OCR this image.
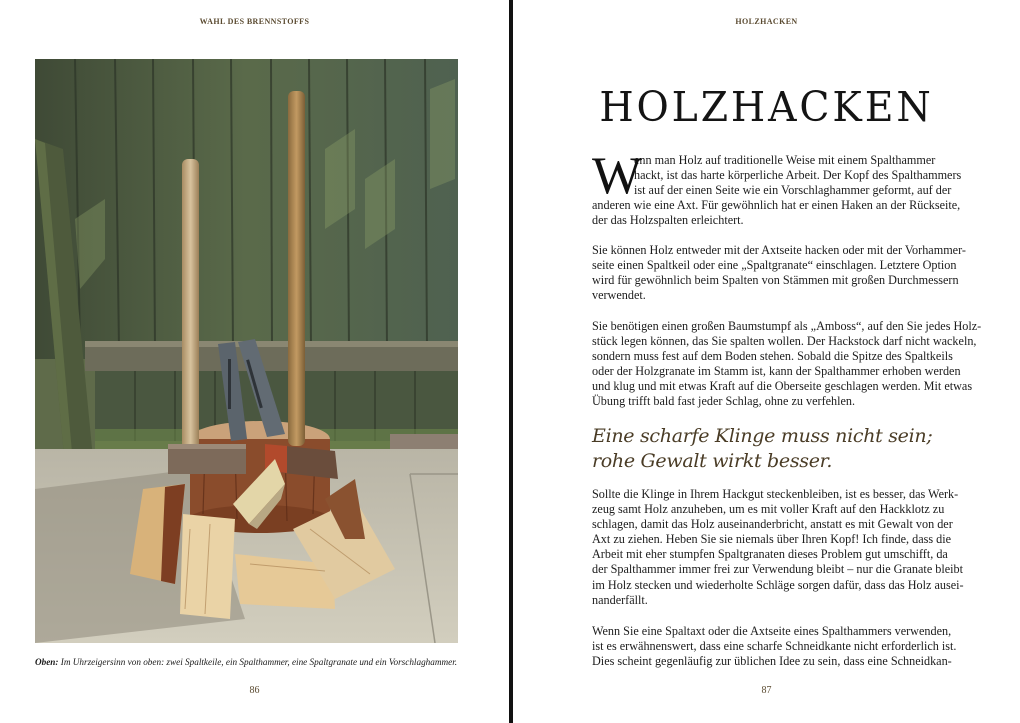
WAHL DES BRENNSTOFFS
Oben: Im Uhrzeigersinn von oben: zwei Spaltkeile, ein Spalthammer, eine Spaltgranate und ein Vorschlaghammer.
86
HOLZHACKEN
HOLZHACKEN
W
enn man Holz auf traditionelle Weise mit einem Spalthammer
hackt, ist das harte körperliche Arbeit. Der Kopf des Spalthammers
ist auf der einen Seite wie ein Vorschlaghammer geformt, auf der
anderen wie eine Axt. Für gewöhnlich hat er einen Haken an der Rückseite,
der das Holzspalten erleichtert.
Sie können Holz entweder mit der Axtseite hacken oder mit der Vorhammer-
seite einen Spaltkeil oder eine „Spaltgranate“ einschlagen. Letztere Option
wird für gewöhnlich beim Spalten von Stämmen mit großen Durchmessern
verwendet.
Sie benötigen einen großen Baumstumpf als „Amboss“, auf den Sie jedes Holz-
stück legen können, das Sie spalten wollen. Der Hackstock darf nicht wackeln,
sondern muss fest auf dem Boden stehen. Sobald die Spitze des Spaltkeils
oder der Holzgranate im Stamm ist, kann der Spalthammer erhoben werden
und klug und mit etwas Kraft auf die Oberseite geschlagen werden. Mit etwas
Übung trifft bald fast jeder Schlag, ohne zu verfehlen.
Eine scharfe Klinge muss nicht sein;
rohe Gewalt wirkt besser.
Sollte die Klinge in Ihrem Hackgut steckenbleiben, ist es besser, das Werk-
zeug samt Holz anzuheben, um es mit voller Kraft auf den Hackklotz zu
schlagen, damit das Holz auseinanderbricht, anstatt es mit Gewalt von der
Axt zu ziehen. Heben Sie sie niemals über Ihren Kopf! Ich finde, dass die
Arbeit mit eher stumpfen Spaltgranaten dieses Problem gut umschifft, da
der Spalthammer immer frei zur Verwendung bleibt – nur die Granate bleibt
im Holz stecken und wiederholte Schläge sorgen dafür, dass das Holz ausei-
nanderfällt.
Wenn Sie eine Spaltaxt oder die Axtseite eines Spalthammers verwenden,
ist es erwähnenswert, dass eine scharfe Schneidkante nicht erforderlich ist.
Dies scheint gegenläufig zur üblichen Idee zu sein, dass eine Schneidkan-
87
